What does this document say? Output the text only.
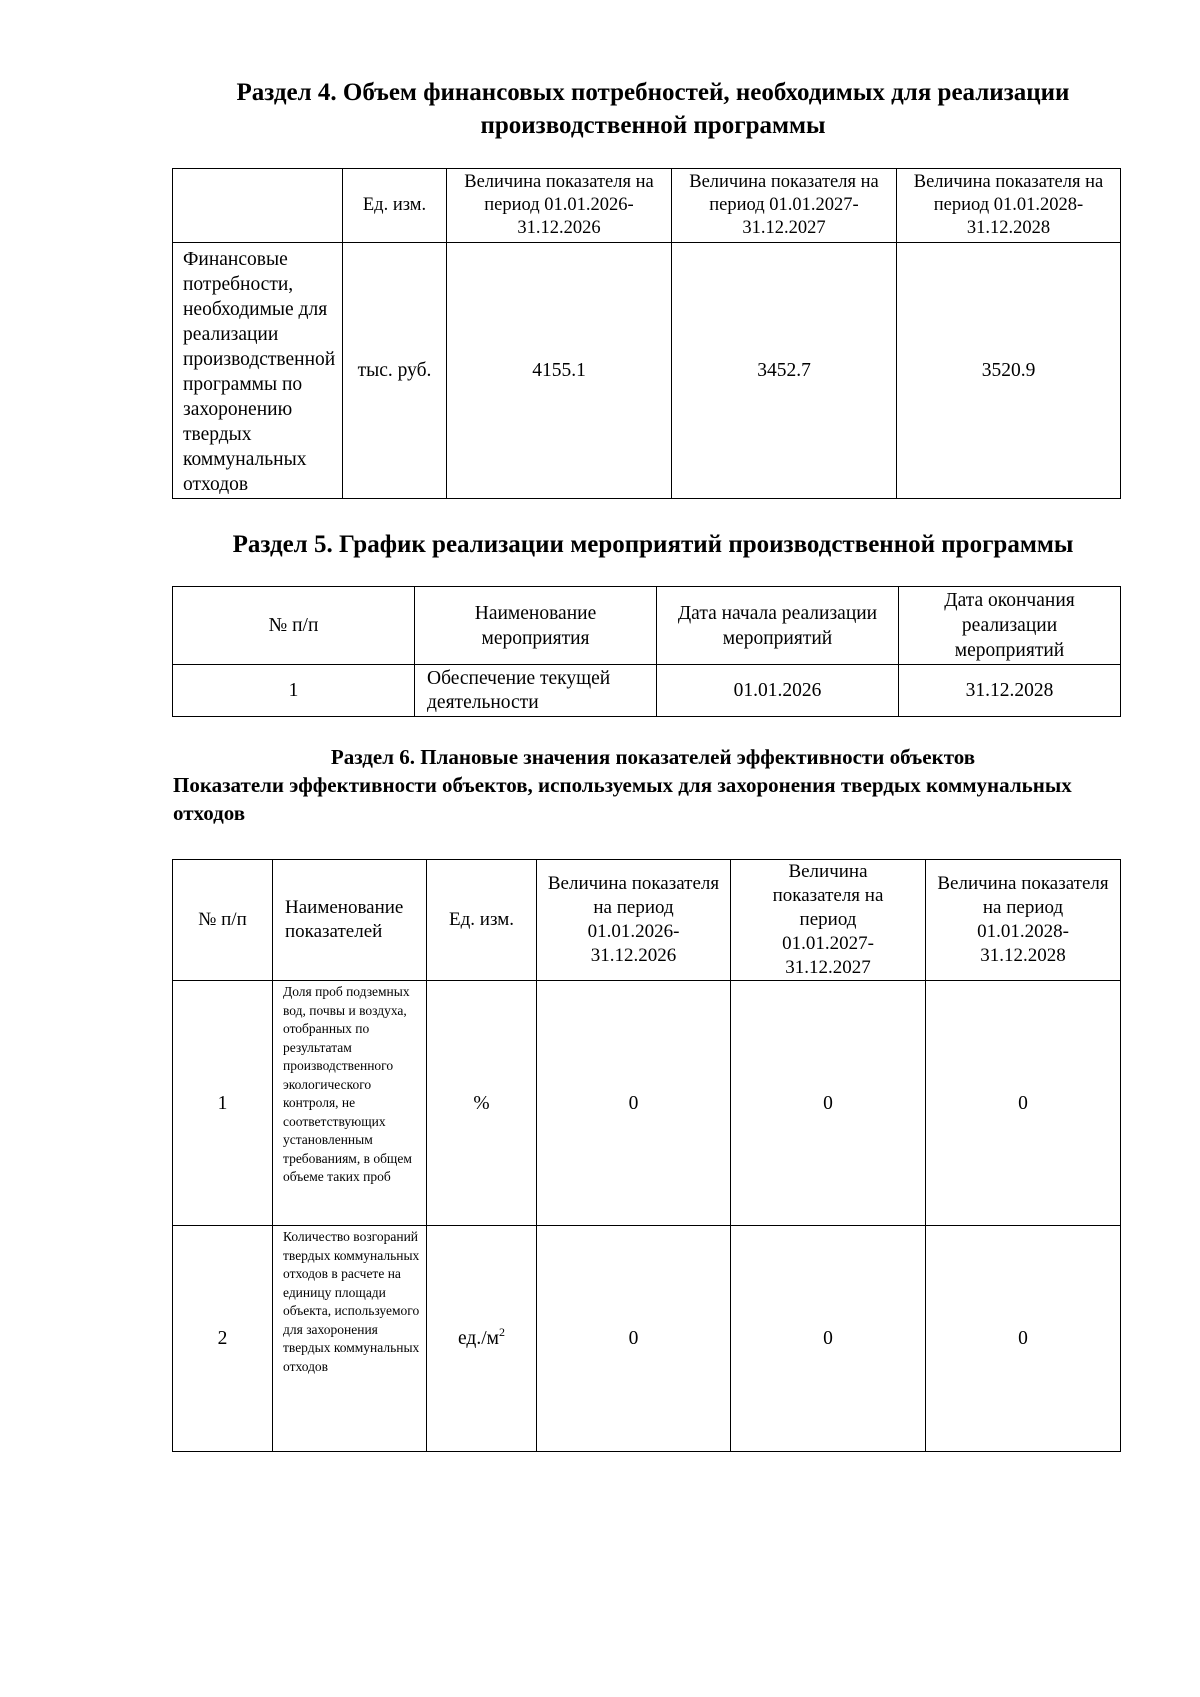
Раздел 4. Объем финансовых потребностей, необходимых для реализации производственной программы
	Ед. изм.	Величина показателя на период 01.01.2026-31.12.2026	Величина показателя на период 01.01.2027-31.12.2027	Величина показателя на период 01.01.2028-31.12.2028
Финансовые потребности, необходимые для реализации производственной программы по захоронению твердых коммунальных отходов	тыс. руб.	4155.1	3452.7	3520.9
Раздел 5. График реализации мероприятий производственной программы
№ п/п	Наименование мероприятия	Дата начала реализации мероприятий	Дата окончания реализации мероприятий
1	Обеспечение текущей деятельности	01.01.2026	31.12.2028
Раздел 6. Плановые значения показателей эффективности объектов
Показатели эффективности объектов, используемых для захоронения твердых коммунальных отходов
№ п/п	Наименование показателей	Ед. изм.	Величина показателя на период 01.01.2026-31.12.2026	Величина показателя на период 01.01.2027-31.12.2027	Величина показателя на период 01.01.2028-31.12.2028
1	Доля проб подземных вод, почвы и воздуха, отобранных по результатам производственного экологического контроля, не соответствующих установленным требованиям, в общем объеме таких проб	%	0	0	0
2	Количество возгораний твердых коммунальных отходов в расчете на единицу площади объекта, используемого для захоронения твердых коммунальных отходов	$ед./м^2$	0	0	0
